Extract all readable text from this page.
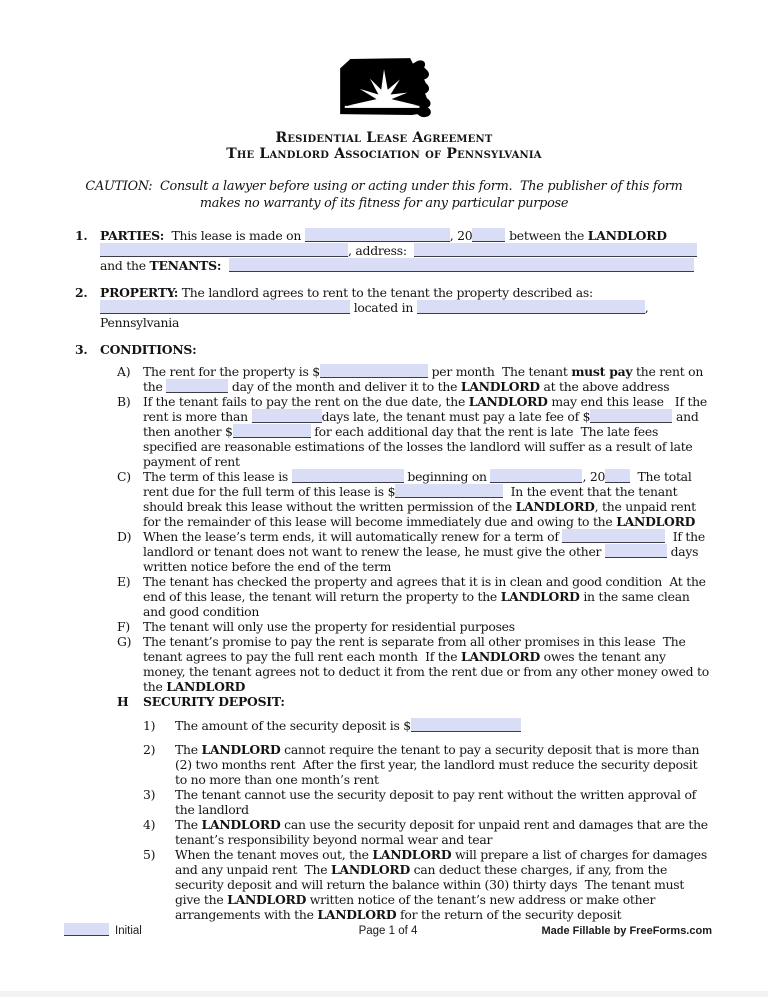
Residential Lease Agreement
The Landlord Association of Pennsylvania

CAUTION:  Consult a lawyer before using or acting under this form.  The publisher of this form makes no warranty of its fitness for any particular purpose

1.	PARTIES:  This lease is made on	, 20	between the LANDLORD , address:	and the TENANTS:

2.	PROPERTY: The landlord agrees to rent to the tenant the property described as:  located in	, Pennsylvania

3.	CONDITIONS:

A)	The rent for the property is $	per month  The tenant must pay the rent on the	day of the month and deliver it to the LANDLORD at the above address

B)	If the tenant fails to pay the rent on the due date, the LANDLORD may end this lease   If the rent is more than	days late, the tenant must pay a late fee of $	and then another $	for each additional day that the rent is late  The late fees specified are reasonable estimations of the losses the landlord will suffer as a result of late payment of rent

C) The term of this lease is	beginning on	, 20  The total rent due for the full term of this lease is $	In the event that the tenant should break this lease without the written permission of the LANDLORD, the unpaid rent for the remainder of this lease will become immediately due and owing to the LANDLORD

D) When the lease’s term ends, it will automatically renew for a term of	If the landlord or tenant does not want to renew the lease, he must give the other	days written notice before the end of the term

E)	The tenant has checked the property and agrees that it is in clean and good condition  At the end of this lease, the tenant will return the property to the LANDLORD in the same clean and good condition

F)	The tenant will only use the property for residential purposes

G) The tenant’s promise to pay the rent is separate from all other promises in this lease  The tenant agrees to pay the full rent each month  If the LANDLORD owes the tenant any money, the tenant agrees not to deduct it from the rent due or from any other money owed to the LANDLORD

H	SECURITY DEPOSIT:

1)	The amount of the security deposit is $

2)	The LANDLORD cannot require the tenant to pay a security deposit that is more than (2) two months rent  After the first year, the landlord must reduce the security deposit to no more than one month’s rent

3)	The tenant cannot use the security deposit to pay rent without the written approval of the landlord

4)	The LANDLORD can use the security deposit for unpaid rent and damages that are the tenant’s responsibility beyond normal wear and tear

5)	When the tenant moves out, the LANDLORD will prepare a list of charges for damages and any unpaid rent  The LANDLORD can deduct these charges, if any, from the security deposit and will return the balance within (30) thirty days  The tenant must give the LANDLORD written notice of the tenant’s new address or make other arrangements with the LANDLORD for the return of the security deposit

Initial	Page 1 of 4	Made Fillable by FreeForms.com
